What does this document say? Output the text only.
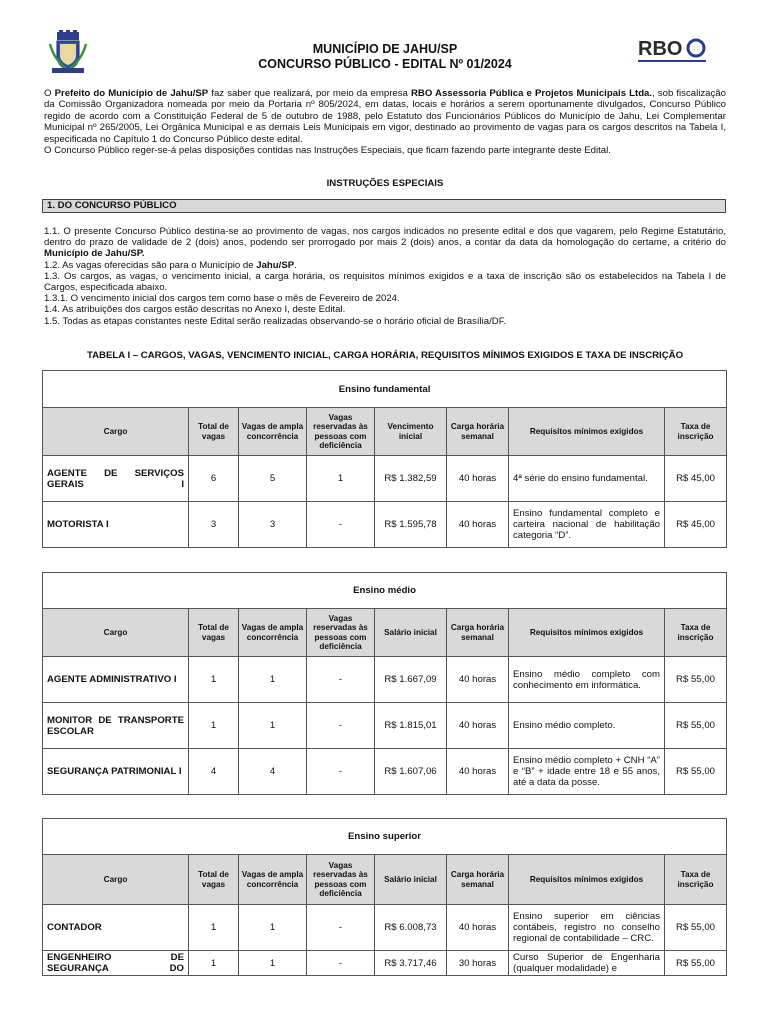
MUNICÍPIO DE JAHU/SP
CONCURSO PÚBLICO - EDITAL Nº 01/2024
RBO

O Prefeito do Município de Jahu/SP faz saber que realizará, por meio da empresa RBO Assessoria Pública e Projetos Municipais Ltda., sob fiscalização da Comissão Organizadora nomeada por meio da Portaria nº 805/2024, em datas, locais e horários a serem oportunamente divulgados, Concurso Público regido de acordo com a Constituição Federal de 5 de outubro de 1988, pelo Estatuto dos Funcionários Públicos do Município de Jahu, Lei Complementar Municipal nº 265/2005, Lei Orgânica Municipal e as demais Leis Municipais em vigor, destinado ao provimento de vagas para os cargos descritos na Tabela I, especificada no Capítulo 1 do Concurso Público deste edital.

O Concurso Público reger-se-á pelas disposições contidas nas Instruções Especiais, que ficam fazendo parte integrante deste Edital.

INSTRUÇÕES ESPECIAIS
1. DO CONCURSO PÚBLICO

1.1. O presente Concurso Público destina-se ao provimento de vagas, nos cargos indicados no presente edital e dos que vagarem, pelo Regime Estatutário, dentro do prazo de validade de 2 (dois) anos, podendo ser prorrogado por mais 2 (dois) anos, a contar da data da homologação do certame, a critério do Município de Jahu/SP.

1.2. As vagas oferecidas são para o Município de Jahu/SP.

1.3. Os cargos, as vagas, o vencimento inicial, a carga horária, os requisitos mínimos exigidos e a taxa de inscrição são os estabelecidos na Tabela I de Cargos, especificada abaixo.

1.3.1. O vencimento inicial dos cargos tem como base o mês de Fevereiro de 2024.

1.4. As atribuições dos cargos estão descritas no Anexo I, deste Edital.

1.5. Todas as etapas constantes neste Edital serão realizadas observando-se o horário oficial de Brasília/DF.

TABELA I – CARGOS, VAGAS, VENCIMENTO INICIAL, CARGA HORÁRIA, REQUISITOS MÍNIMOS EXIGIDOS E TAXA DE INSCRIÇÃO
Ensino fundamental							
Cargo	Total de vagas	Vagas de ampla concorrência	Vagas reservadas às pessoas com deficiência	Vencimento inicial	Carga horária semanal	Requisitos mínimos exigidos	Taxa de inscrição
AGENTE DE SERVIÇOS GERAIS I	6	5	1	R$ 1.382,59	40 horas	4ª série do ensino fundamental.	R$ 45,00
MOTORISTA I	3	3	-	R$ 1.595,78	40 horas	Ensino fundamental completo e carteira nacional de habilitação categoria “D”.	R$ 45,00
Ensino médio							
Cargo	Total de vagas	Vagas de ampla concorrência	Vagas reservadas às pessoas com deficiência	Salário inicial	Carga horária semanal	Requisitos mínimos exigidos	Taxa de inscrição
AGENTE ADMINISTRATIVO I	1	1	-	R$ 1.667,09	40 horas	Ensino médio completo com conhecimento em informática.	R$ 55,00
MONITOR DE TRANSPORTE ESCOLAR	1	1	-	R$ 1.815,01	40 horas	Ensino médio completo.	R$ 55,00
SEGURANÇA PATRIMONIAL I	4	4	-	R$ 1.607,06	40 horas	Ensino médio completo + CNH “A” e “B” + idade entre 18 e 55 anos, até a data da posse.	R$ 55,00
Ensino superior							
Cargo	Total de vagas	Vagas de ampla concorrência	Vagas reservadas às pessoas com deficiência	Salário inicial	Carga horária semanal	Requisitos mínimos exigidos	Taxa de inscrição
CONTADOR	1	1	-	R$ 6.008,73	40 horas	Ensino superior em ciências contábeis, registro no conselho regional de contabilidade – CRC.	R$ 55,00
ENGENHEIRO DE SEGURANÇA DO	1	1	-	R$ 3.717,46	30 horas	Curso Superior de Engenharia (qualquer modalidade) e	R$ 55,00
